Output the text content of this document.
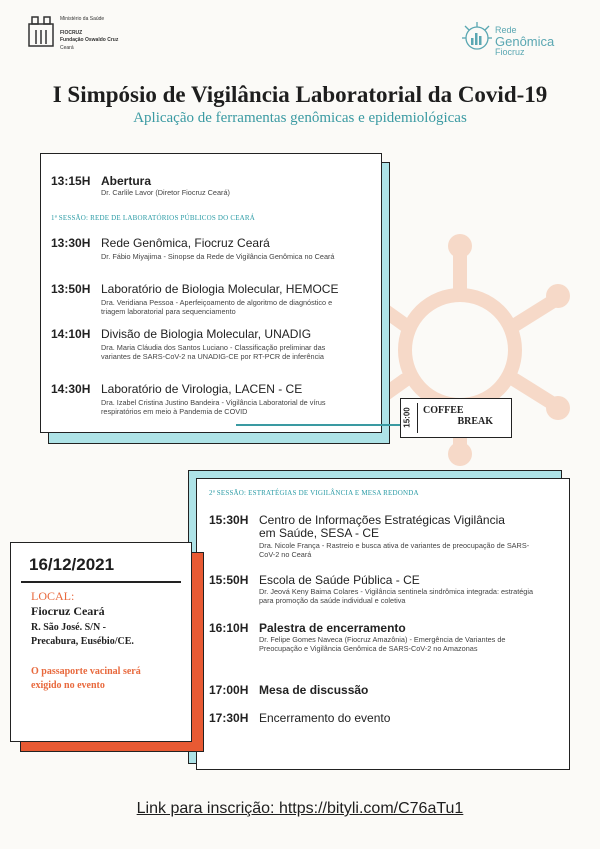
Ministério da Saúde
FIOCRUZ
Fundação Oswaldo Cruz
Ceará
Rede
Genômica
Fiocruz
I Simpósio de Vigilância Laboratorial da Covid-19
Aplicação de ferramentas genômicas e epidemiológicas
13:15H Abertura
Dr. Carlile Lavor (Diretor Fiocruz Ceará)
1ª SESSÃO: REDE DE LABORATÓRIOS PÚBLICOS DO CEARÁ
13:30H Rede Genômica, Fiocruz Ceará
Dr. Fábio Miyajima - Sinopse da Rede de Vigilância Genômica no Ceará
13:50H Laboratório de Biologia Molecular, HEMOCE
Dra. Veridiana Pessoa - Aperfeiçoamento de algoritmo de diagnóstico e triagem laboratorial para sequenciamento
14:10H Divisão de Biologia Molecular, UNADIG
Dra. Maria Cláudia dos Santos Luciano - Classificação preliminar das variantes de SARS-CoV-2 na UNADIG-CE por RT-PCR de inferência
14:30H Laboratório de Virologia, LACEN - CE
Dra. Izabel Cristina Justino Bandeira - Vigilância Laboratorial de vírus respiratórios em meio à Pandemia de COVID	15:00 COFFEE
BREAK
2ª SESSÃO: ESTRATÉGIAS DE VIGILÂNCIA E MESA REDONDA
15:30H Centro de Informações Estratégicas Vigilância
em Saúde, SESA - CE
Dra. Nicole França - Rastreio e busca ativa de variantes de preocupação de SARS-CoV-2 no Ceará
15:50H Escola de Saúde Pública - CE
Dr. Jeová Keny Baima Colares - Vigilância sentinela sindrômica integrada: estratégia para promoção da saúde individual e coletiva
16:10H Palestra de encerramento
Dr. Felipe Gomes Naveca (Fiocruz Amazônia) - Emergência de Variantes de Preocupação e Vigilância Genômica de SARS-CoV-2 no Amazonas
17:00H Mesa de discussão
17:30H Encerramento do evento
16/12/2021
LOCAL:
Fiocruz Ceará
R. São José. S/N -
Precabura, Eusébio/CE.
O passaporte vacinal será
exigido no evento
Link para inscrição: https://bityli.com/C76aTu1
